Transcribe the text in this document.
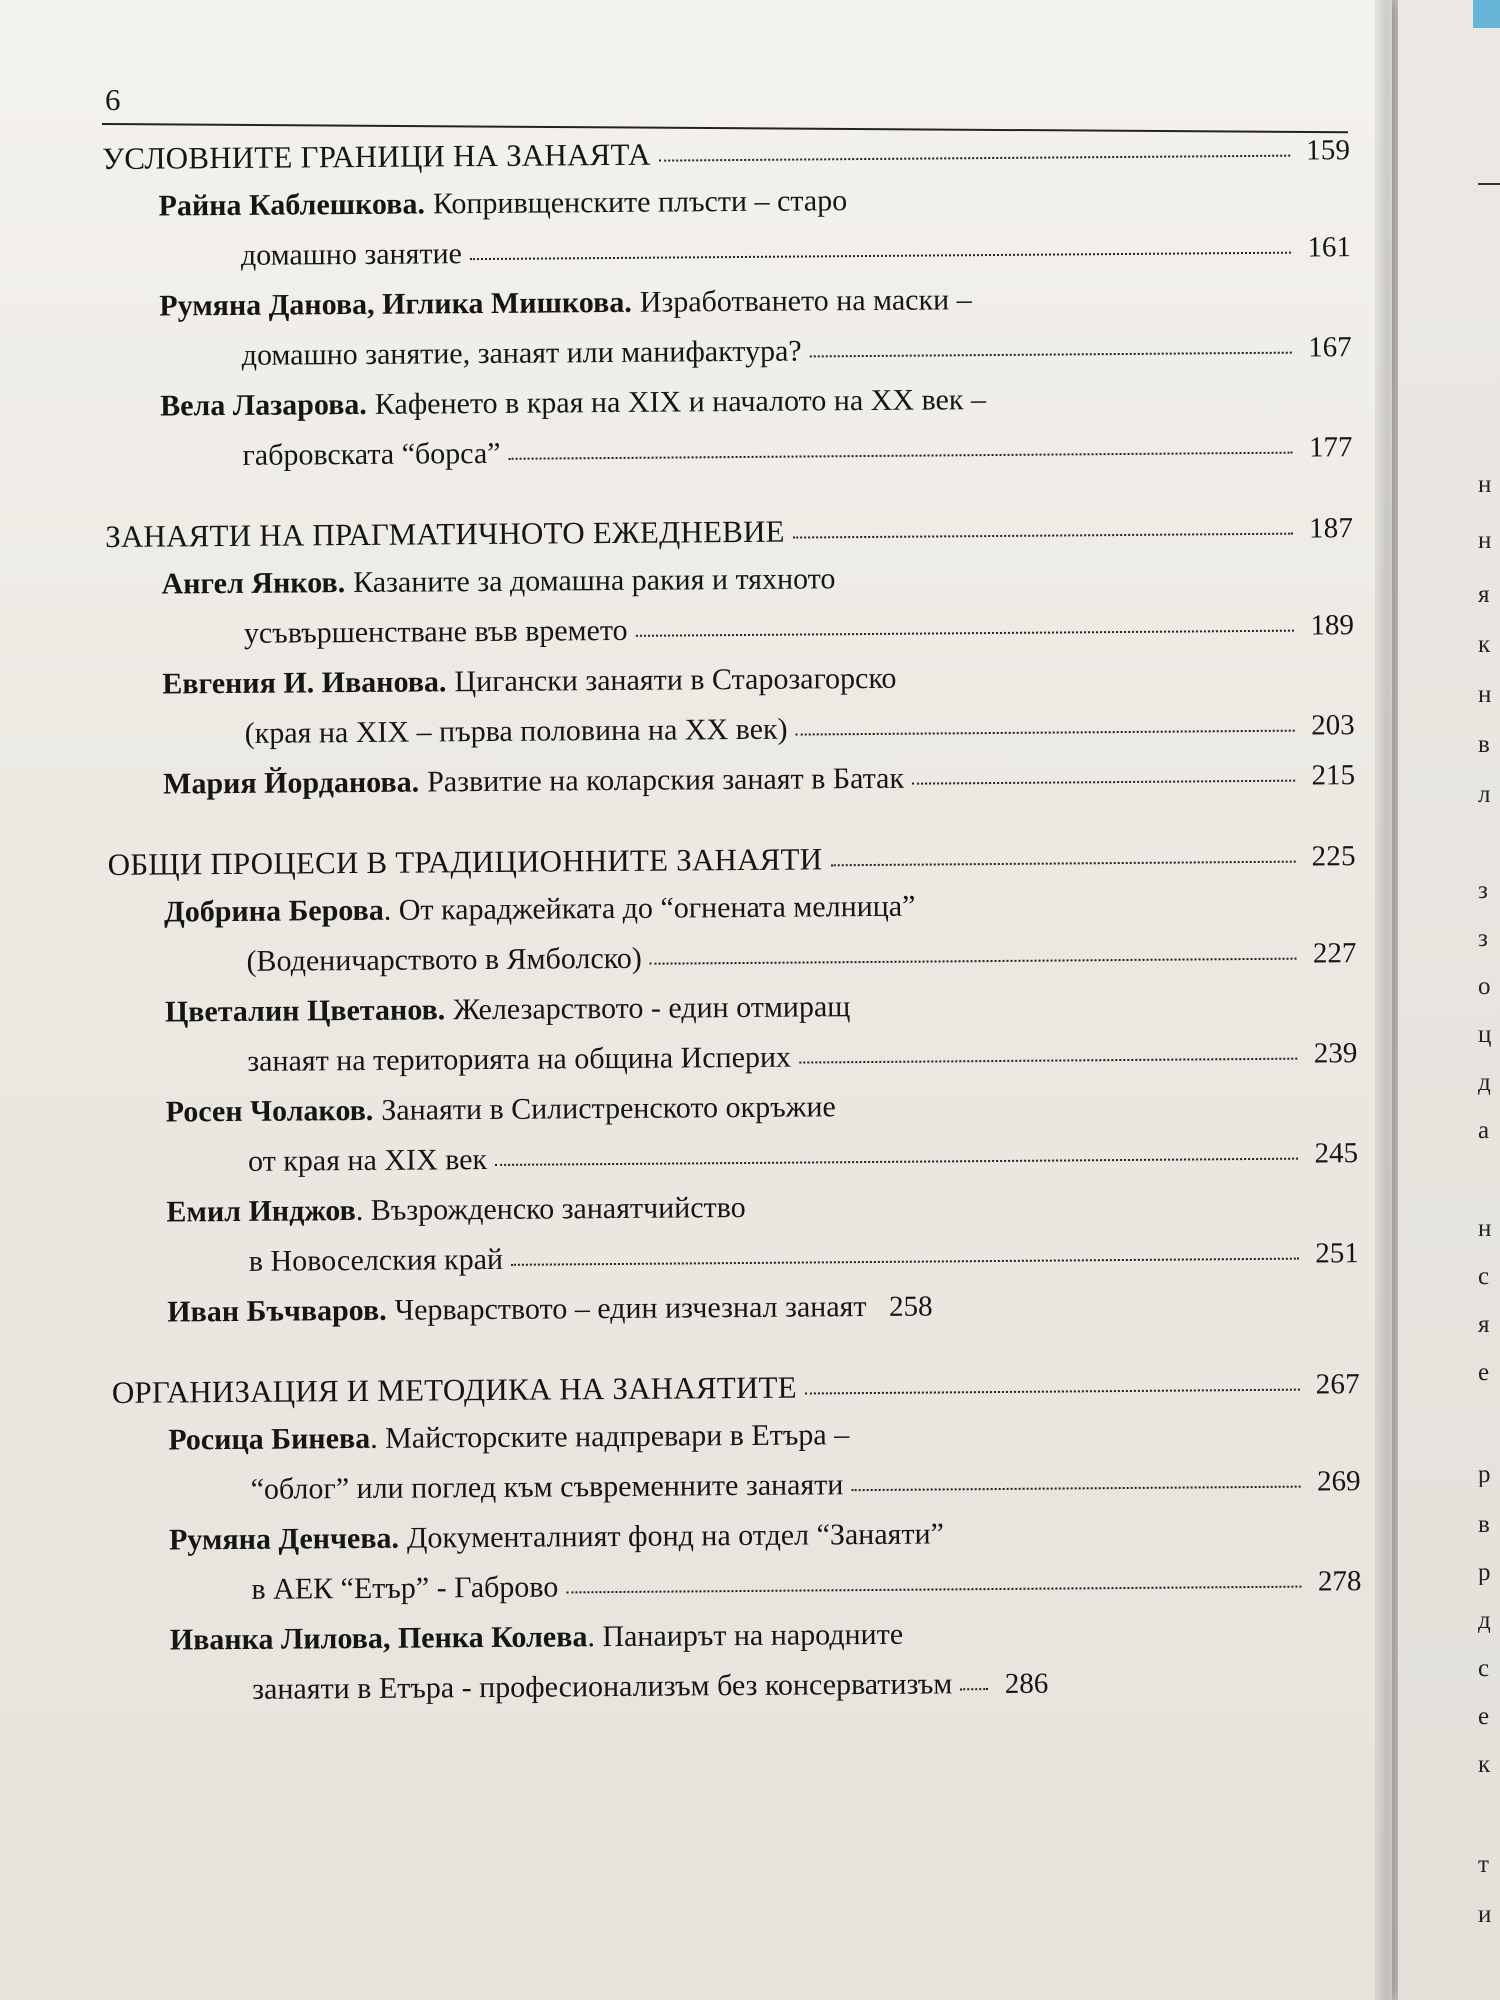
н
н
я
к
н
в
л
з
з
о
ц
д
а
н
с
я
е
р
в
р
д
с
е
к
т
и
6

УСЛОВНИТЕ ГРАНИЦИ НА ЗАНАЯТА	159
Райна Каблешкова. Копривщенските плъсти – старо
домашно занятие	161
Румяна Данова, Иглика Мишкова. Изработването на маски –
домашно занятие, занаят или манифактура?	167
Вела Лазарова. Кафенето в края на XIX и началото на XX век –
габровската “борса”	177
ЗАНАЯТИ НА ПРАГМАТИЧНОТО ЕЖЕДНЕВИЕ	187
Ангел Янков. Казаните за домашна ракия и тяхното
усъвършенстване във времето	189
Евгения И. Иванова. Цигански занаяти в Старозагорско
(края на XIX – първа половина на XX век)	203
Мария Йорданова. Развитие на коларския занаят в Батак	215
ОБЩИ ПРОЦЕСИ В ТРАДИЦИОННИТЕ ЗАНАЯТИ	225
Добрина Берова . От караджейката до “огнената мелница”
(Воденичарството в Ямболско)	227
Цветалин Цветанов. Железарството - един отмиращ
занаят на територията на община Исперих	239
Росен Чолаков. Занаяти в Силистренското окръжие
от края на XIX век	245
Емил Инджов . Възрожденско занаятчийство
в Новоселския край	251
Иван Бъчваров. Черварството – един изчезнал занаят 258
ОРГАНИЗАЦИЯ И МЕТОДИКА НА ЗАНАЯТИТЕ	267
Росица Бинева . Майсторските надпревари в Етъра –
“облог” или поглед към съвременните занаяти	269
Румяна Денчева. Документалният фонд на отдел “Занаяти”
в АЕК “Етър” - Габрово	278
Иванка Лилова, Пенка Колева . Панаирът на народните
занаяти в Етъра - професионализъм без консерватизъм	286
